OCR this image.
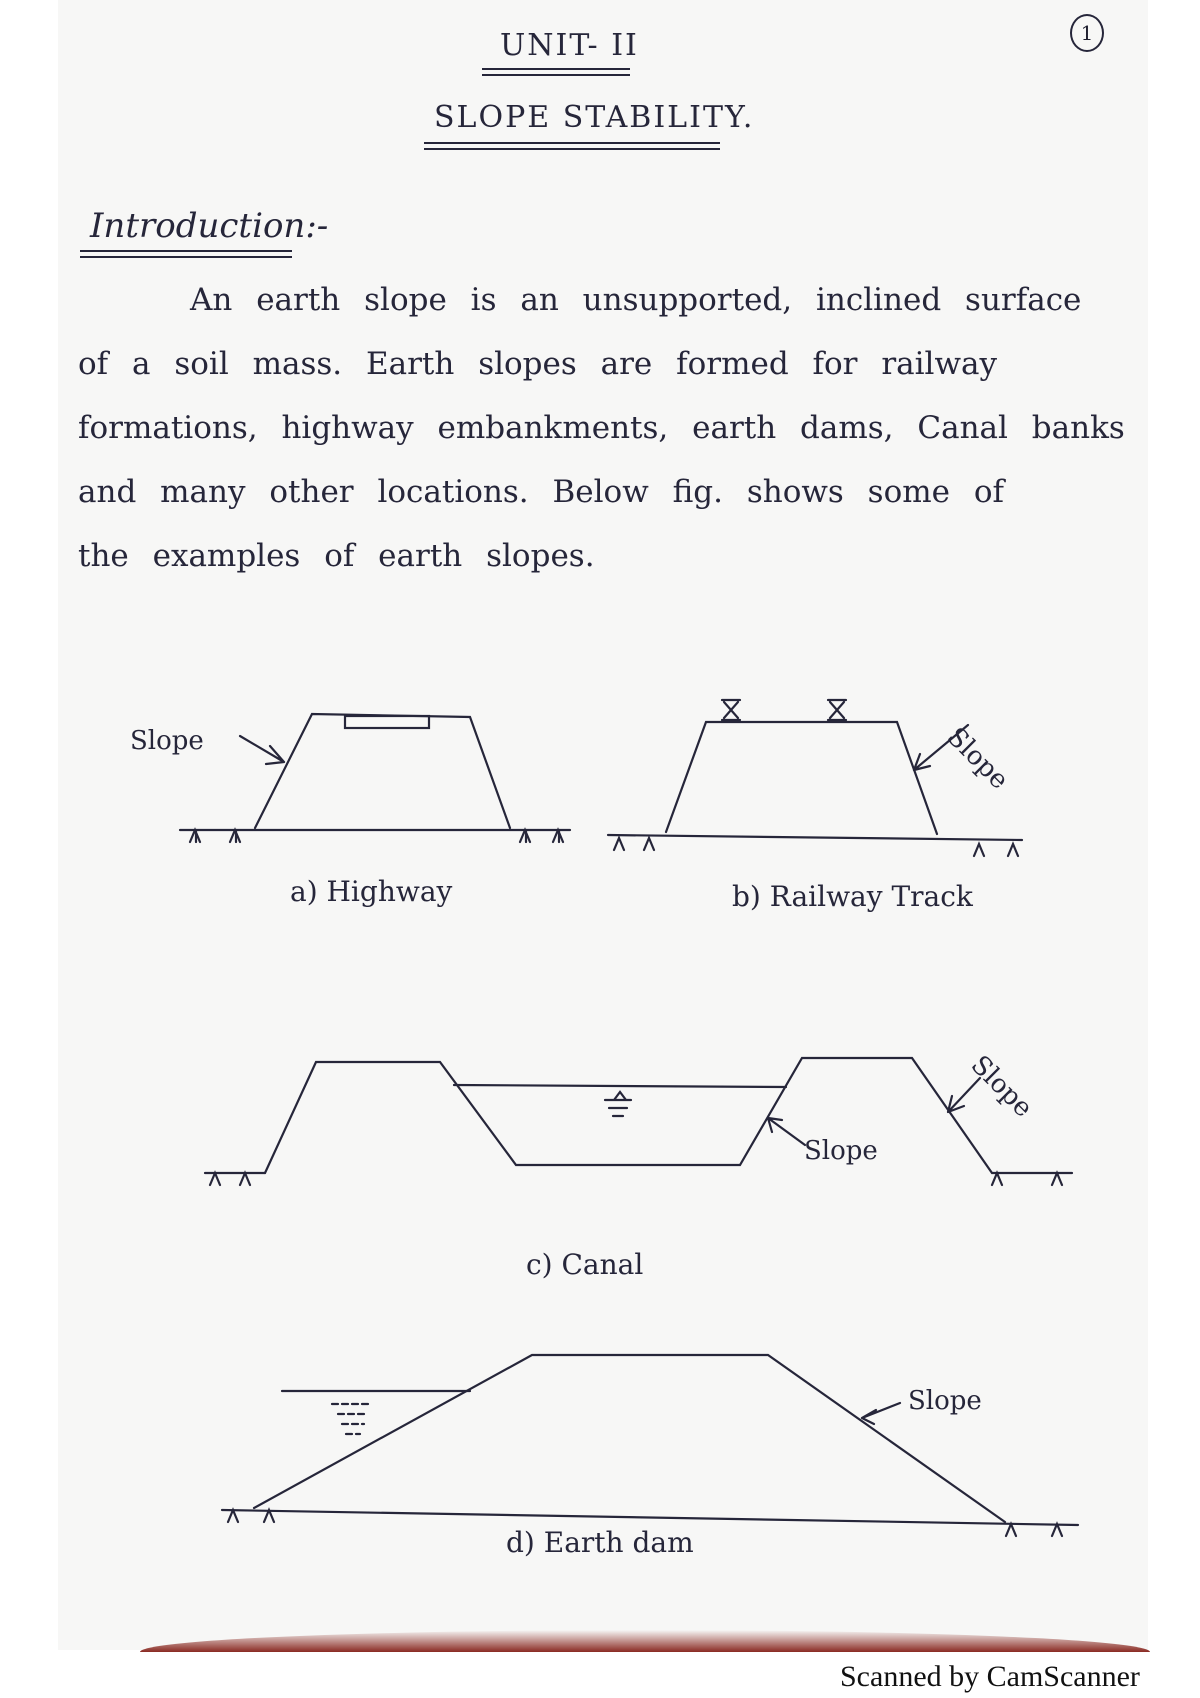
UNIT- II	1
SLOPE STABILITY.
Introduction:-
An earth slope is an unsupported, inclined surface
of a soil mass. Earth slopes are formed for railway
formations, highway embankments, earth dams, Canal banks
and many other locations. Below fig. shows some of
the examples of earth slopes.
Slope
a) Highway
Slope
b) Railway Track
Slope
Slope
c) Canal
Slope
d) Earth dam
Scanned by CamScanner
